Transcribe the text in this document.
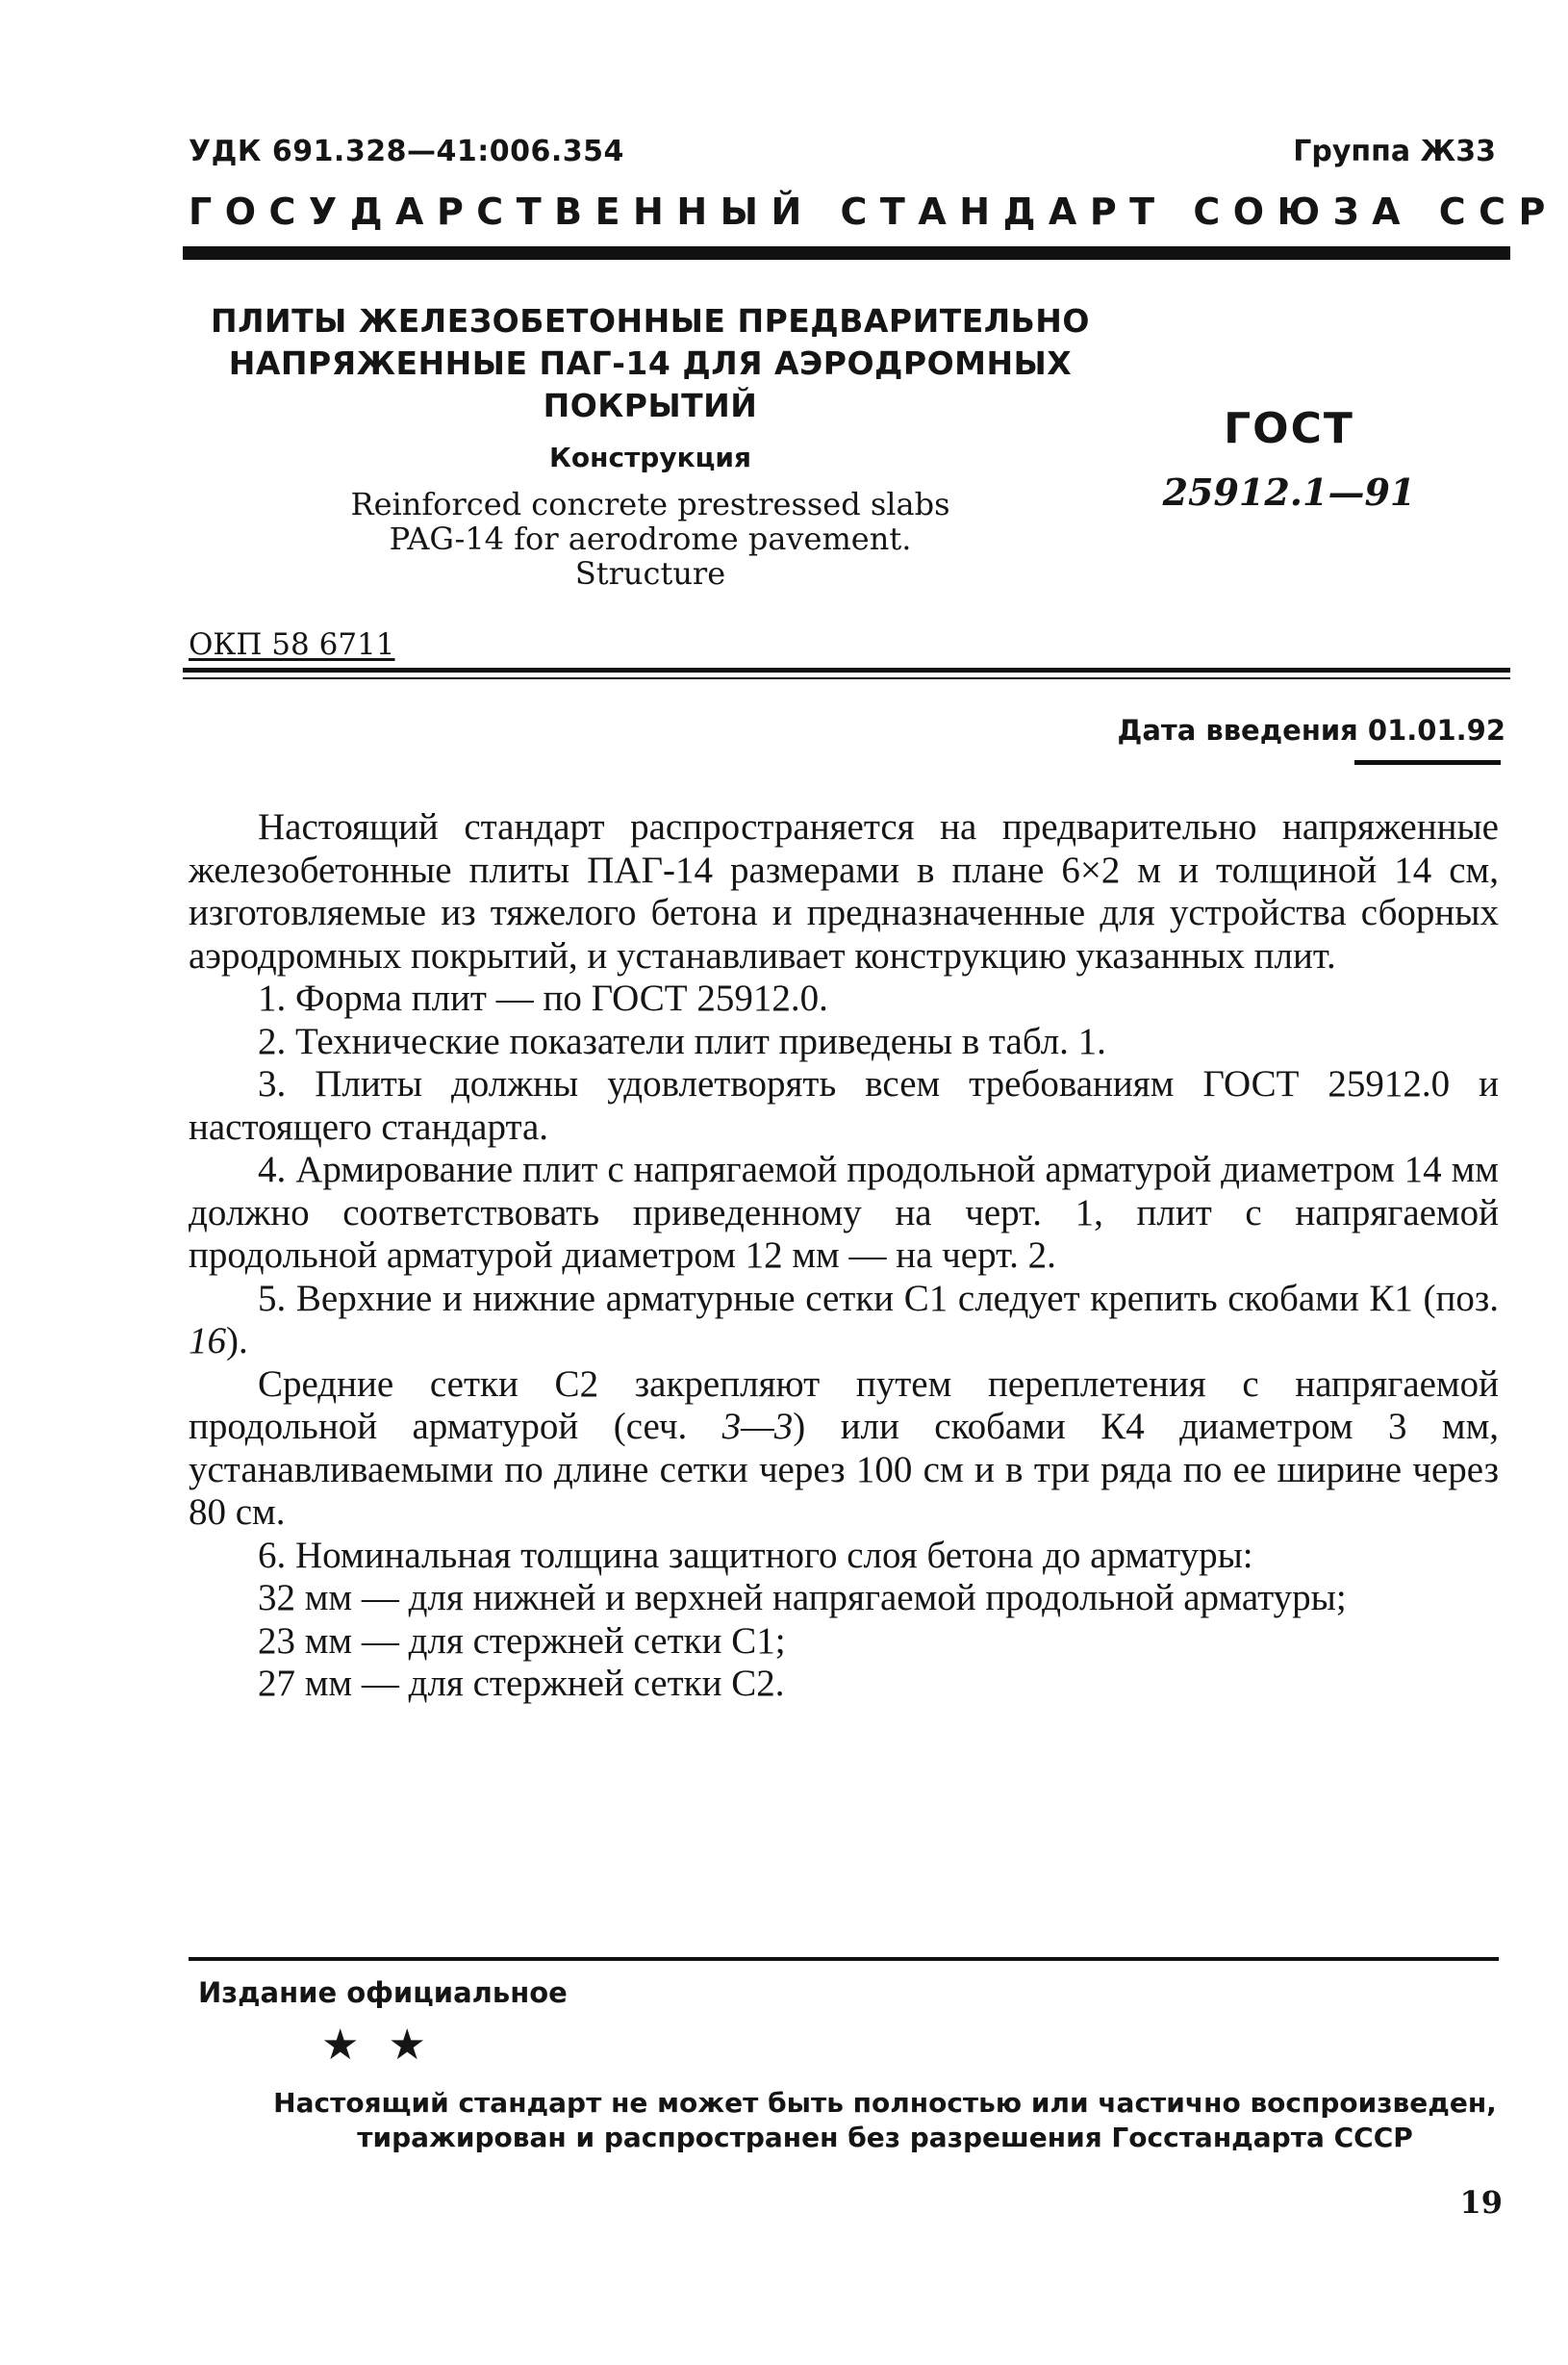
УДК 691.328—41:006.354	Группа Ж33
ГОСУДАРСТВЕННЫЙ СТАНДАРТ СОЮЗА ССР
ПЛИТЫ ЖЕЛЕЗОБЕТОННЫЕ ПРЕДВАРИТЕЛЬНО
НАПРЯЖЕННЫЕ ПАГ-14 ДЛЯ АЭРОДРОМНЫХ
ПОКРЫТИЙ
Конструкция
Reinforced concrete prestressed slabs
PAG-14 for aerodrome pavement.
Structure
ГОСТ
25912.1—91
ОКП 58 6711
Дата введения 01.01.92

Настоящий стандарт распространяется на предварительно напряженные железобетонные плиты ПАГ-14 размерами в плане 6×2 м и толщиной 14 см, изготовляемые из тяжелого бетона и предназначенные для устройства сборных аэродромных покрытий, и устанавливает конструкцию указанных плит.

1. Форма плит — по ГОСТ 25912.0.

2. Технические показатели плит приведены в табл. 1.

3. Плиты должны удовлетворять всем требованиям ГОСТ 25912.0 и настоящего стандарта.

4. Армирование плит с напрягаемой продольной арматурой диаметром 14 мм должно соответствовать приведенному на черт. 1, плит с напрягаемой продольной арматурой диаметром 12 мм — на черт. 2.

5. Верхние и нижние арматурные сетки С1 следует крепить скобами К1 (поз. 16).

Средние сетки С2 закрепляют путем переплетения с напрягаемой продольной арматурой (сеч. 3—3) или скобами К4 диаметром 3 мм, устанавливаемыми по длине сетки через 100 см и в три ряда по ее ширине через 80 см.

6. Номинальная толщина защитного слоя бетона до арматуры:

32 мм — для нижней и верхней напрягаемой продольной арматуры;

23 мм — для стержней сетки С1;

27 мм — для стержней сетки С2.

Издание официальное
★★
Настоящий стандарт не может быть полностью или частично воспроизведен,
тиражирован и распространен без разрешения Госстандарта СССР
19
